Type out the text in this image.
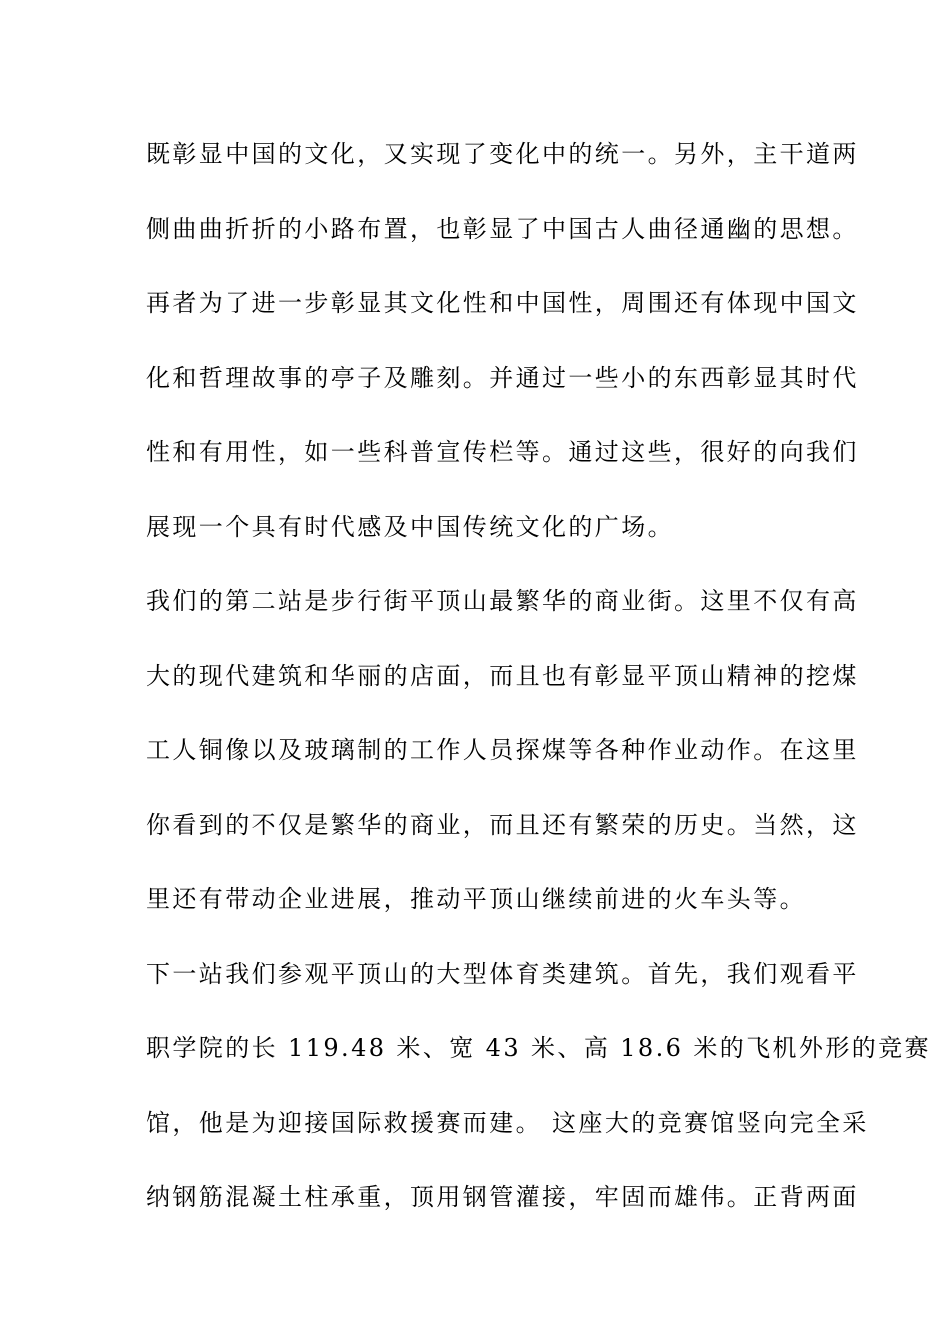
既彰显中国的文化，又实现了变化中的统一。另外，主干道两
侧曲曲折折的小路布置，也彰显了中国古人曲径通幽的思想。
再者为了进一步彰显其文化性和中国性，周围还有体现中国文
化和哲理故事的亭子及雕刻。并通过一些小的东西彰显其时代
性和有用性，如一些科普宣传栏等。通过这些，很好的向我们
展现一个具有时代感及中国传统文化的广场。
我们的第二站是步行街平顶山最繁华的商业街。这里不仅有高
大的现代建筑和华丽的店面，而且也有彰显平顶山精神的挖煤
工人铜像以及玻璃制的工作人员探煤等各种作业动作。在这里
你看到的不仅是繁华的商业，而且还有繁荣的历史。当然，这
里还有带动企业进展，推动平顶山继续前进的火车头等。
下一站我们参观平顶山的大型体育类建筑。首先，我们观看平
职学院的长 119.48 米、宽 43 米、高 18.6 米的飞机外形的竞赛
馆，他是为迎接国际救援赛而建。 这座大的竞赛馆竖向完全采
纳钢筋混凝土柱承重，顶用钢管灌接，牢固而雄伟。正背两面
